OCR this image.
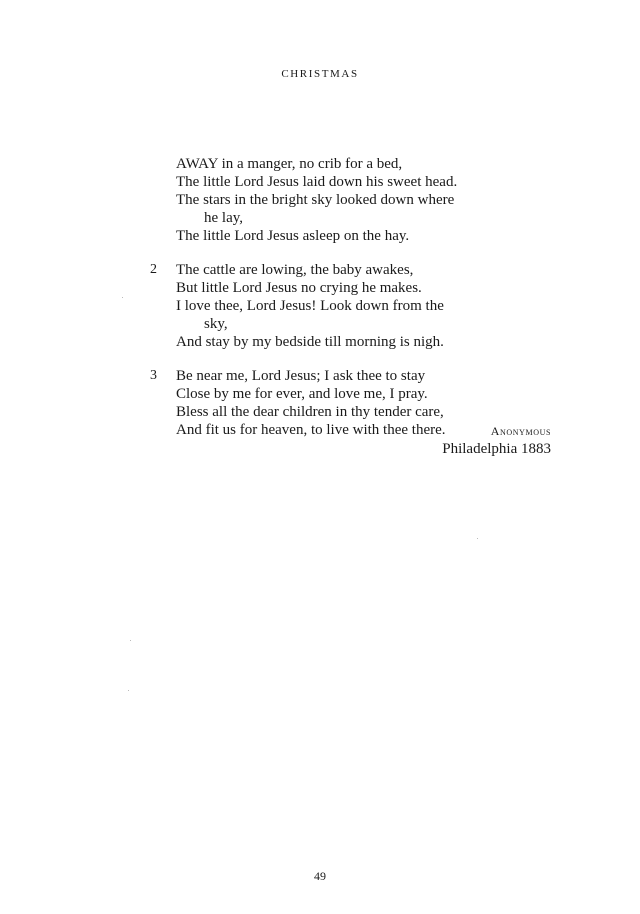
CHRISTMAS
AWAY in a manger, no crib for a bed,
The little Lord Jesus laid down his sweet head.
The stars in the bright sky looked down where
he lay,
The little Lord Jesus asleep on the hay.
2 The cattle are lowing, the baby awakes,
But little Lord Jesus no crying he makes.
I love thee, Lord Jesus! Look down from the
sky,
And stay by my bedside till morning is nigh.
3 Be near me, Lord Jesus; I ask thee to stay
Close by me for ever, and love me, I pray.
Bless all the dear children in thy tender care,
And fit us for heaven, to live with thee there.	Anonymous
Philadelphia 1883
49
